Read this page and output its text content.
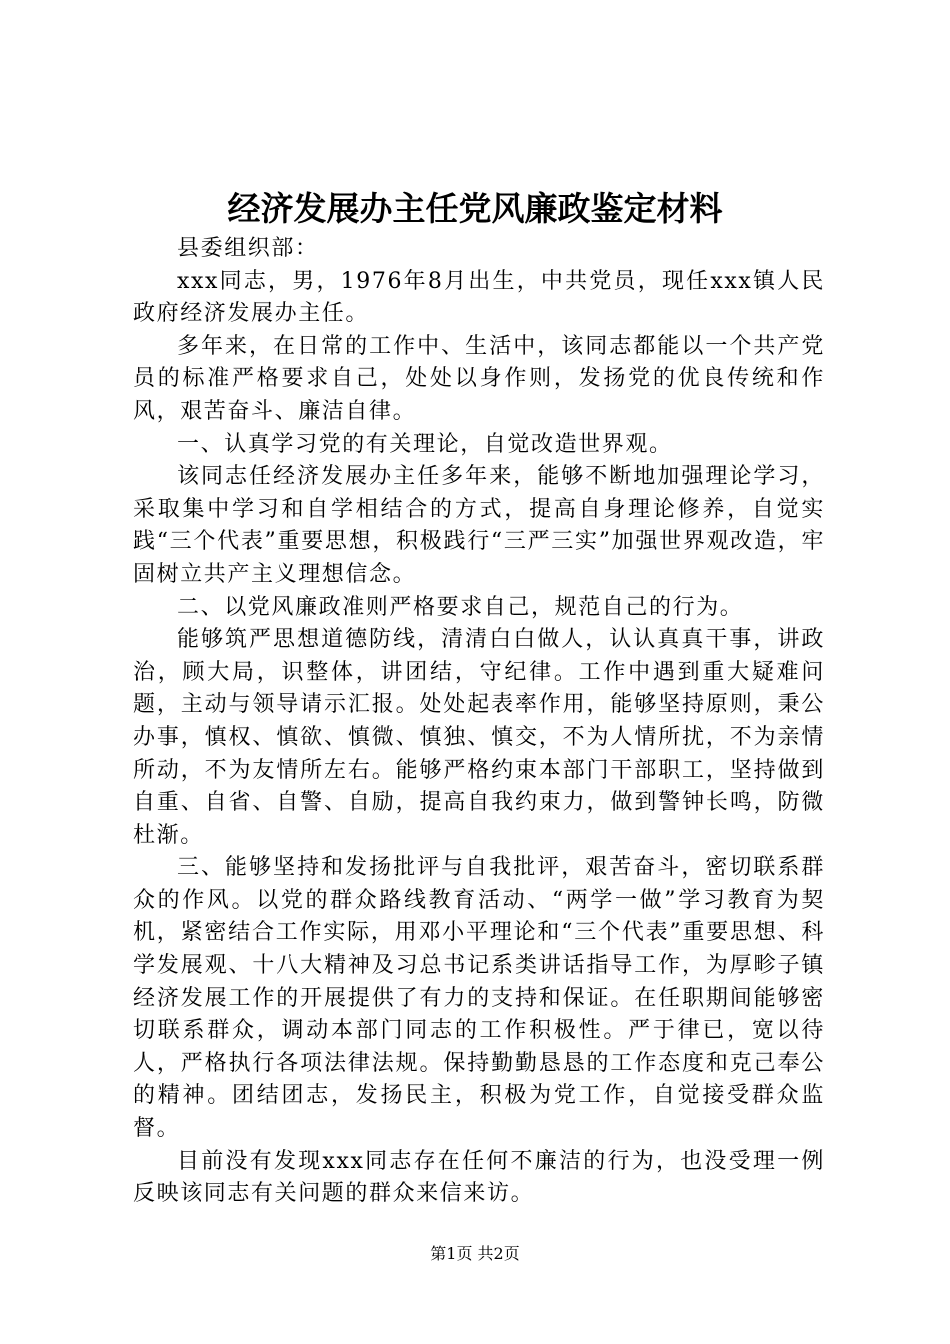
经济发展办主任党风廉政鉴定材料

县委组织部：

xxx同志，男，1976年8月出生，中共党员，现任xxx镇人民政府经济发展办主任。

多年来，在日常的工作中、生活中，该同志都能以一个共产党员的标准严格要求自己，处处以身作则，发扬党的优良传统和作风，艰苦奋斗、廉洁自律。

一、认真学习党的有关理论，自觉改造世界观。

该同志任经济发展办主任多年来，能够不断地加强理论学习，采取集中学习和自学相结合的方式，提高自身理论修养，自觉实践“三个代表”重要思想，积极践行“三严三实”加强世界观改造，牢固树立共产主义理想信念。

二、以党风廉政准则严格要求自己，规范自己的行为。

能够筑严思想道德防线，清清白白做人，认认真真干事，讲政治，顾大局，识整体，讲团结，守纪律。工作中遇到重大疑难问题，主动与领导请示汇报。处处起表率作用，能够坚持原则，秉公办事，慎权、慎欲、慎微、慎独、慎交，不为人情所扰，不为亲情所动，不为友情所左右。能够严格约束本部门干部职工，坚持做到自重、自省、自警、自励，提高自我约束力，做到警钟长鸣，防微杜渐。

三、能够坚持和发扬批评与自我批评，艰苦奋斗，密切联系群众的作风。以党的群众路线教育活动、“两学一做”学习教育为契机，紧密结合工作实际，用邓小平理论和“三个代表”重要思想、科学发展观、十八大精神及习总书记系类讲话指导工作，为厚畛子镇经济发展工作的开展提供了有力的支持和保证。在任职期间能够密切联系群众，调动本部门同志的工作积极性。严于律已，宽以待人，严格执行各项法律法规。保持勤勤恳恳的工作态度和克己奉公的精神。团结团志，发扬民主，积极为党工作，自觉接受群众监督。

目前没有发现xxx同志存在任何不廉洁的行为，也没受理一例反映该同志有关问题的群众来信来访。

第1页 共2页
